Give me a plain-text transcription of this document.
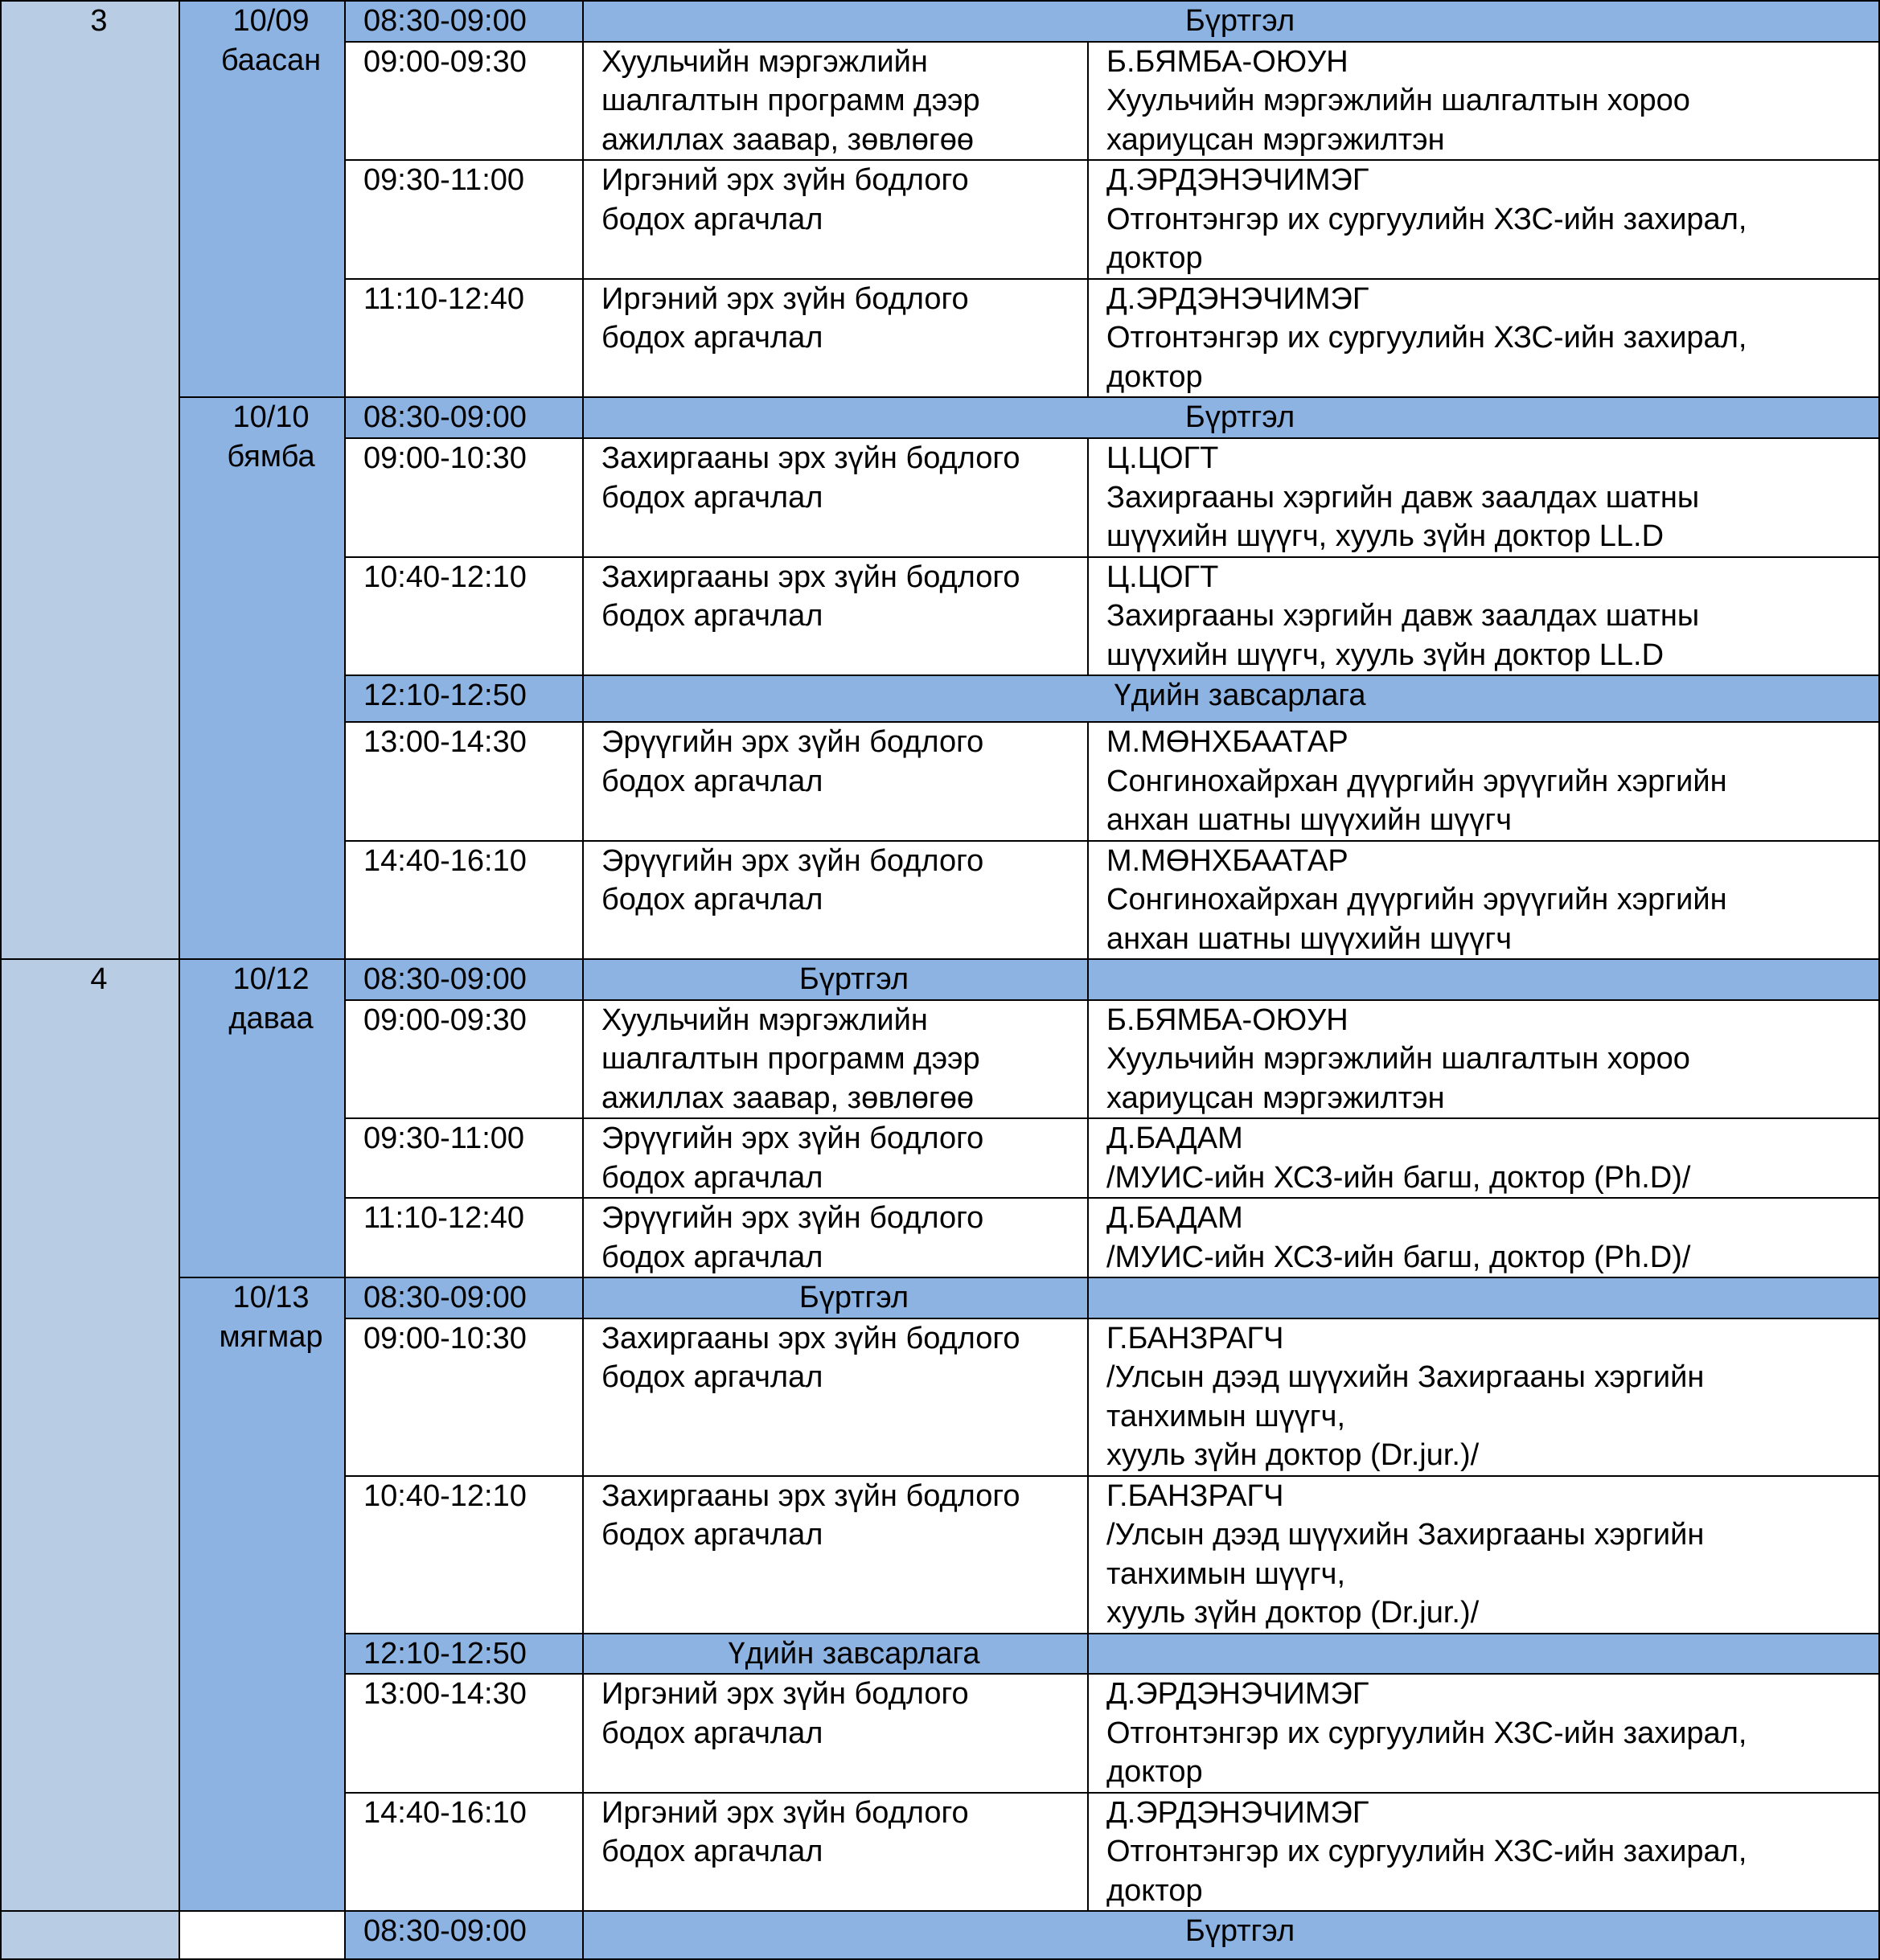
3	10/09
баасан	08:30-09:00	Бүртгэл	
		09:00-09:30	Хуульчийн мэргэжлийн
шалгалтын программ дээр
ажиллах заавар, зөвлөгөө	Б.БЯМБА-ОЮУН
Хуульчийн мэргэжлийн шалгалтын хороо
хариуцсан мэргэжилтэн

		09:30-11:00	Иргэний эрх зүйн бодлого
бодох аргачлал	Д.ЭРДЭНЭЧИМЭГ
Отгонтэнгэр их сургуулийн ХЗС-ийн захирал,
доктор

		11:10-12:40	Иргэний эрх зүйн бодлого
бодох аргачлал	Д.ЭРДЭНЭЧИМЭГ
Отгонтэнгэр их сургуулийн ХЗС-ийн захирал,
доктор

	10/10
бямба	08:30-09:00	Бүртгэл	
		09:00-10:30	Захиргааны эрх зүйн бодлого
бодох аргачлал	Ц.ЦОГТ
Захиргааны хэргийн давж заалдах шатны
шүүхийн шүүгч, хууль зүйн доктор LL.D

		10:40-12:10	Захиргааны эрх зүйн бодлого
бодох аргачлал	Ц.ЦОГТ
Захиргааны хэргийн давж заалдах шатны
шүүхийн шүүгч, хууль зүйн доктор LL.D

		12:10-12:50	Үдийн завсарлага	
		13:00-14:30	Эрүүгийн эрх зүйн бодлого
бодох аргачлал	М.МӨНХБААТАР
Сонгинохайрхан дүүргийн эрүүгийн хэргийн
анхан шатны шүүхийн шүүгч

		14:40-16:10	Эрүүгийн эрх зүйн бодлого
бодох аргачлал	М.МӨНХБААТАР
Сонгинохайрхан дүүргийн эрүүгийн хэргийн
анхан шатны шүүхийн шүүгч

4	10/12
даваа	08:30-09:00	Бүртгэл	
		09:00-09:30	Хуульчийн мэргэжлийн
шалгалтын программ дээр
ажиллах заавар, зөвлөгөө	Б.БЯМБА-ОЮУН
Хуульчийн мэргэжлийн шалгалтын хороо
хариуцсан мэргэжилтэн

		09:30-11:00	Эрүүгийн эрх зүйн бодлого
бодох аргачлал	Д.БАДАМ
/МУИС-ийн ХСЗ-ийн багш, доктор (Ph.D)/

		11:10-12:40	Эрүүгийн эрх зүйн бодлого
бодох аргачлал	Д.БАДАМ
/МУИС-ийн ХСЗ-ийн багш, доктор (Ph.D)/

	10/13
мягмар	08:30-09:00	Бүртгэл	
		09:00-10:30	Захиргааны эрх зүйн бодлого
бодох аргачлал	Г.БАНЗРАГЧ
/Улсын дээд шүүхийн Захиргааны хэргийн
танхимын шүүгч,
хууль зүйн доктор (Dr.jur.)/

		10:40-12:10	Захиргааны эрх зүйн бодлого
бодох аргачлал	Г.БАНЗРАГЧ
/Улсын дээд шүүхийн Захиргааны хэргийн
танхимын шүүгч,
хууль зүйн доктор (Dr.jur.)/

		12:10-12:50	Үдийн завсарлага	
		13:00-14:30	Иргэний эрх зүйн бодлого
бодох аргачлал	Д.ЭРДЭНЭЧИМЭГ
Отгонтэнгэр их сургуулийн ХЗС-ийн захирал,
доктор

		14:40-16:10	Иргэний эрх зүйн бодлого
бодох аргачлал	Д.ЭРДЭНЭЧИМЭГ
Отгонтэнгэр их сургуулийн ХЗС-ийн захирал,
доктор

		08:30-09:00	Бүртгэл	
